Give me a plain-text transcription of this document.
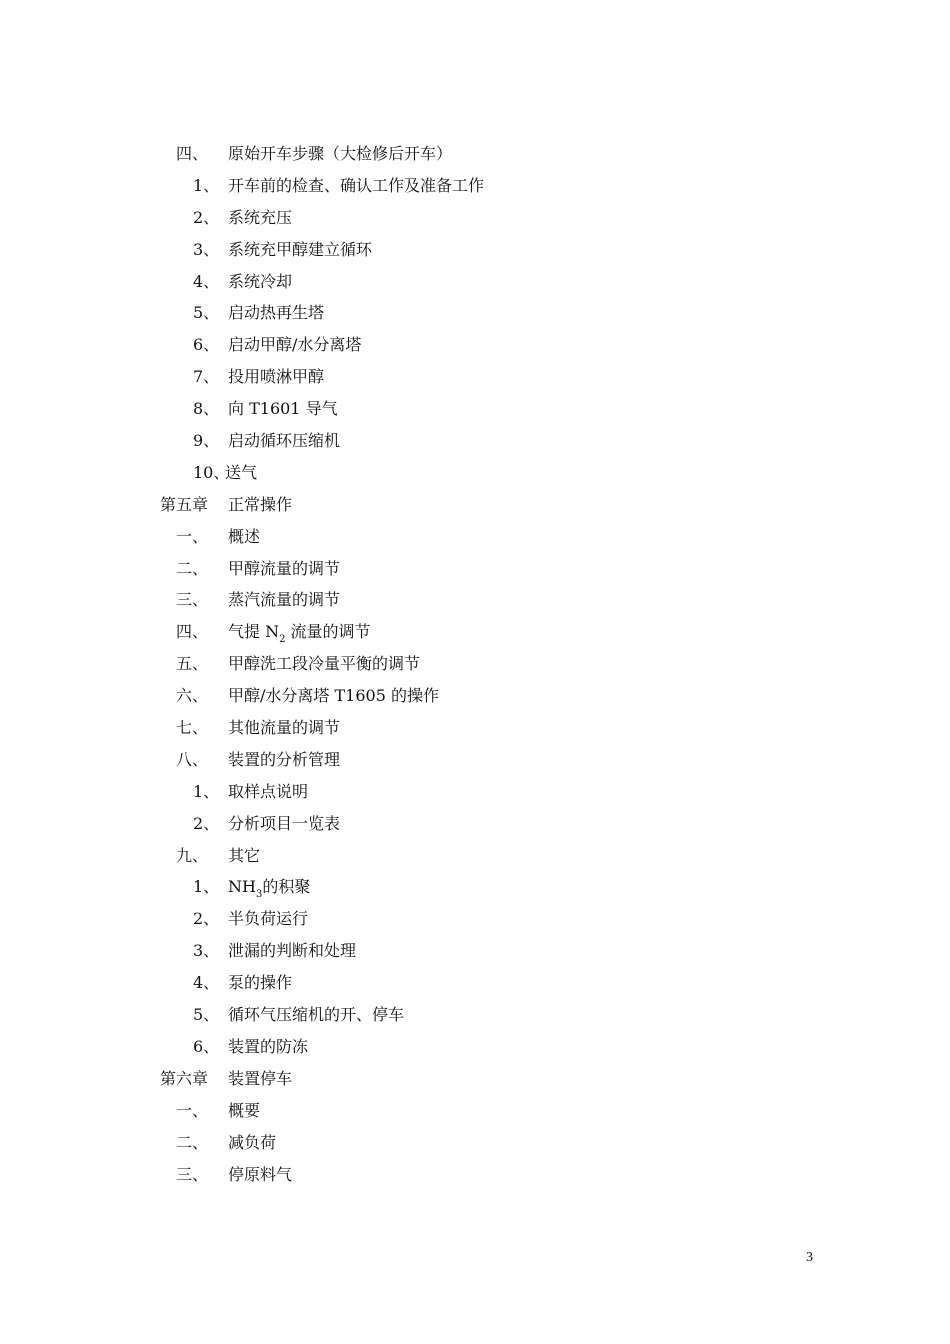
四、 原始开车步骤（大检修后开车）
1、 开车前的检查、确认工作及准备工作
2、 系统充压
3、 系统充甲醇建立循环
4、 系统冷却
5、 启动热再生塔
6、 启动甲醇/水分离塔
7、 投用喷淋甲醇
8、 向 T1601 导气
9、 启动循环压缩机
10、
送气
第五章 正常操作
一、 概述
二、 甲醇流量的调节
三、 蒸汽流量的调节
四、 气提 $N_2$ 流量的调节
五、 甲醇洗工段冷量平衡的调节
六、 甲醇/水分离塔 T1605 的操作
七、 其他流量的调节
八、 装置的分析管理
1、 取样点说明
2、 分析项目一览表
九、 其它
1、 $NH_3$的积聚
2、 半负荷运行
3、 泄漏的判断和处理
4、 泵的操作
5、 循环气压缩机的开、停车
6、 装置的防冻
第六章 装置停车
一、 概要
二、 减负荷
三、 停原料气
3
